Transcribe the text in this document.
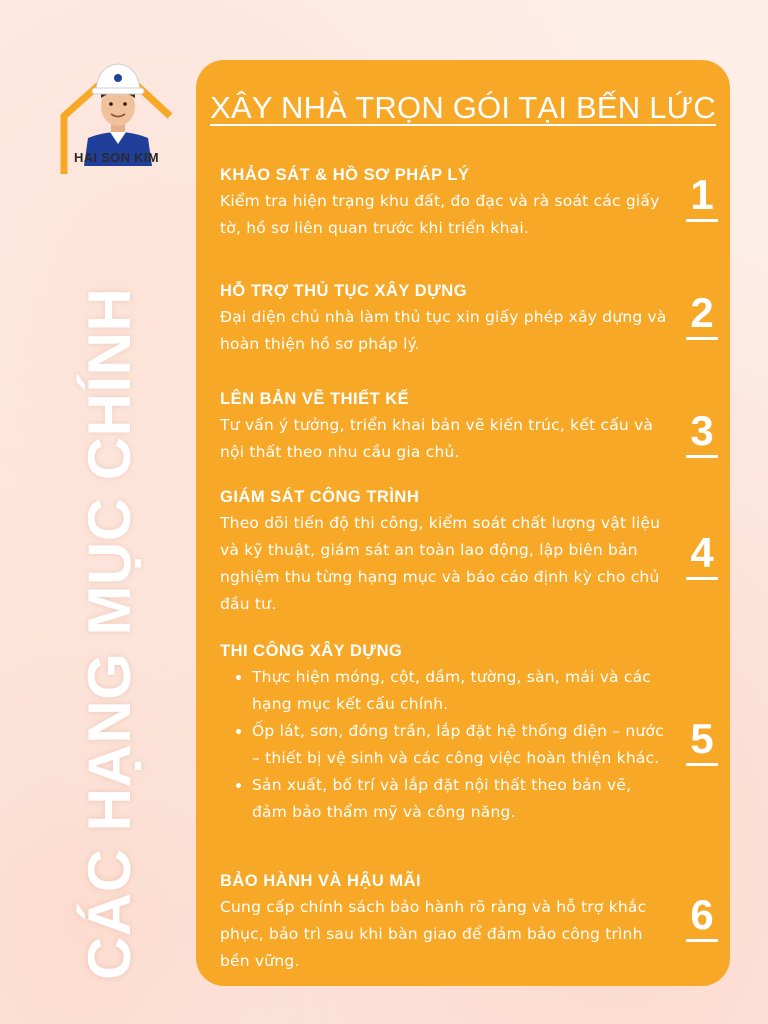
CÁC HẠNG MỤC CHÍNH
HAI SON KIM
XÂY NHÀ TRỌN GÓI TẠI BẾN LỨC
KHẢO SÁT & HỒ SƠ PHÁP LÝ

Kiểm tra hiện trạng khu đất, đo đạc và rà soát các giấy tờ, hồ sơ liên quan trước khi triển khai.

1
HỖ TRỢ THỦ TỤC XÂY DỰNG

Đại diện chủ nhà làm thủ tục xin giấy phép xây dựng và hoàn thiện hồ sơ pháp lý.

2
LÊN BẢN VẼ THIẾT KẾ

Tư vấn ý tưởng, triển khai bản vẽ kiến trúc, kết cấu và nội thất theo nhu cầu gia chủ.	3
GIÁM SÁT CÔNG TRÌNH

Theo dõi tiến độ thi công, kiểm soát chất lượng vật liệu và kỹ thuật, giám sát an toàn lao động, lập biên bản nghiệm thu từng hạng mục và báo cáo định kỳ cho chủ đầu tư.

4
THI CÔNG XÂY DỰNG
• Thực hiện móng, cột, dầm, tường, sàn, mái và các hạng mục kết cấu chính.
• Ốp lát, sơn, đóng trần, lắp đặt hệ thống điện – nước – thiết bị vệ sinh và các công việc hoàn thiện khác.
• Sản xuất, bố trí và lắp đặt nội thất theo bản vẽ, đảm bảo thẩm mỹ và công năng.
5
BẢO HÀNH VÀ HẬU MÃI

Cung cấp chính sách bảo hành rõ ràng và hỗ trợ khắc phục, bảo trì sau khi bàn giao để đảm bảo công trình bền vững.

6
